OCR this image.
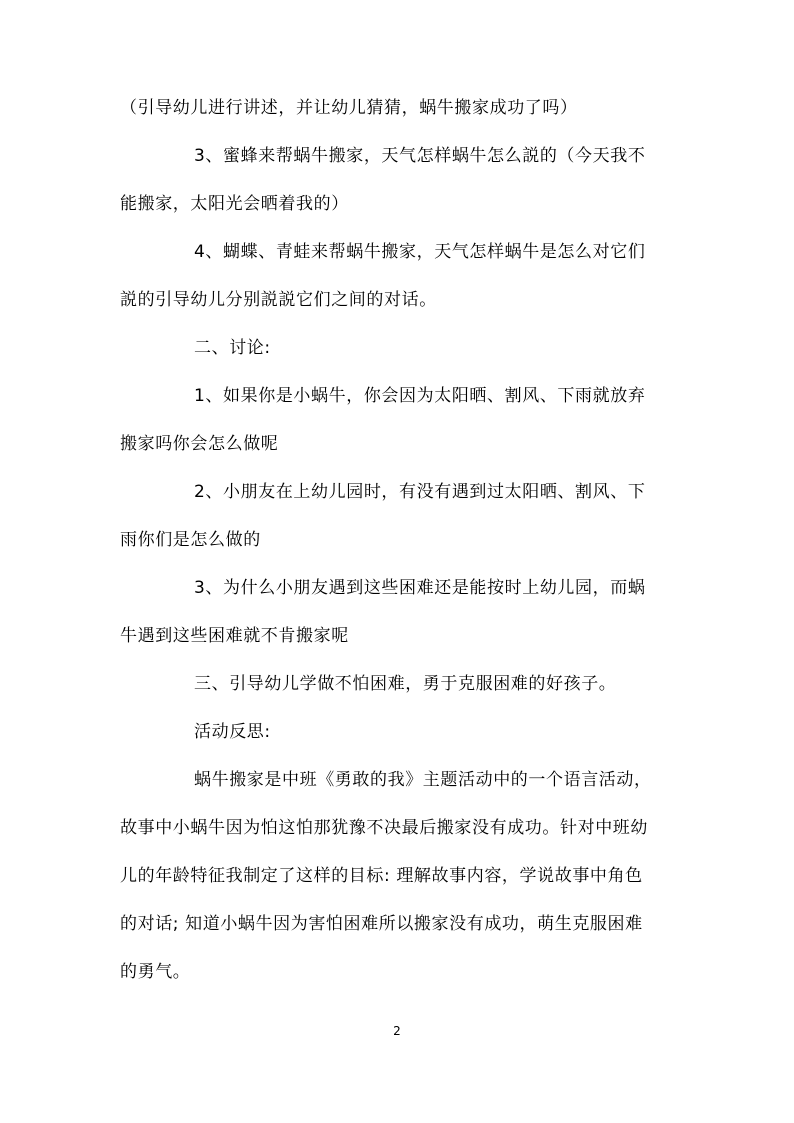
（引导幼儿进行讲述，并让幼儿猜猜，蜗牛搬家成功了吗）
3、蜜蜂来帮蜗牛搬家，天气怎样蜗牛怎么説的（今天我不
能搬家，太阳光会晒着我的）
4、蝴蝶、青蛙来帮蜗牛搬家，天气怎样蜗牛是怎么对它们
説的引导幼儿分别説説它们之间的对话。
二、讨论:
1、如果你是小蜗牛，你会因为太阳晒、割风、下雨就放弃
搬家吗你会怎么做呢
2、小朋友在上幼儿园时，有没有遇到过太阳晒、割风、下
雨你们是怎么做的
3、为什么小朋友遇到这些困难还是能按时上幼儿园，而蜗
牛遇到这些困难就不肯搬家呢
三、引导幼儿学做不怕困难，勇于克服困难的好孩子。
活动反思:
蜗牛搬家是中班《勇敢的我》主题活动中的一个语言活动，
故事中小蜗牛因为怕这怕那犹豫不决最后搬家没有成功。针对中班幼
儿的年龄特征我制定了这样的目标: 理解故事内容，学说故事中角色
的对话; 知道小蜗牛因为害怕困难所以搬家没有成功，萌生克服困难
的勇气。
2
